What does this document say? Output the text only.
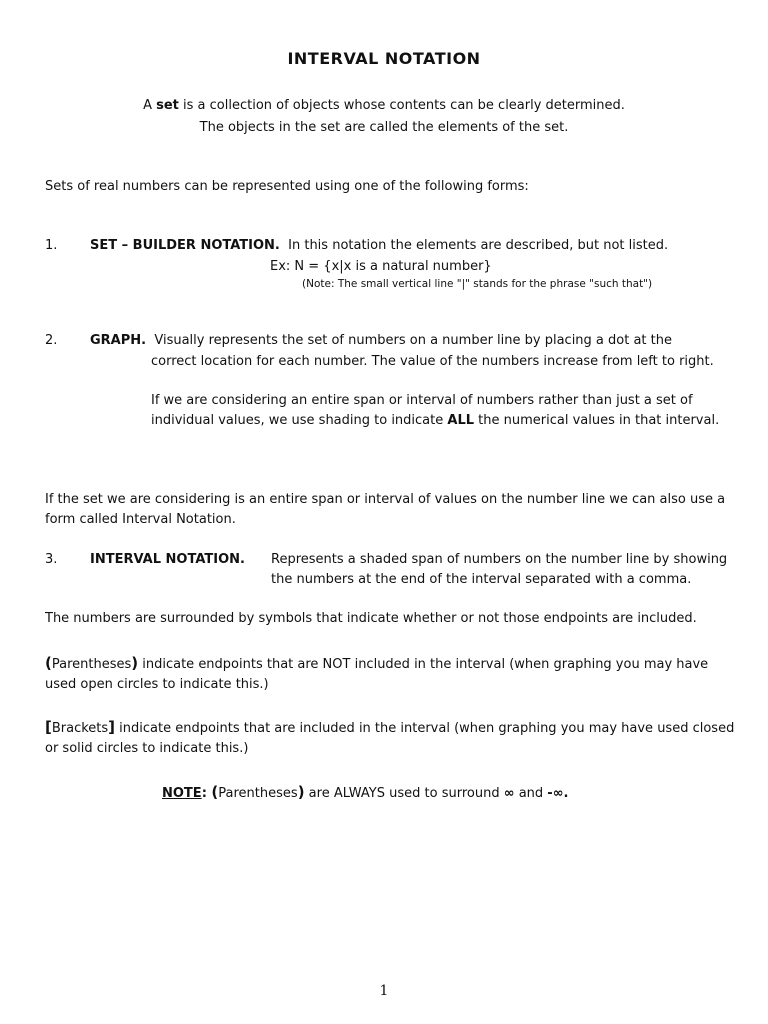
INTERVAL NOTATION
A set is a collection of objects whose contents can be clearly determined.
The objects in the set are called the elements of the set.
Sets of real numbers can be represented using one of the following forms:
1.	SET – BUILDER NOTATION. In this notation the elements are described, but not listed.
Ex: N = {x|x is a natural number}
(Note: The small vertical line "|" stands for the phrase "such that")
2.	GRAPH. Visually represents the set of numbers on a number line by placing a dot at the
correct location for each number. The value of the numbers increase from left to right.
If we are considering an entire span or interval of numbers rather than just a set of
individual values, we use shading to indicate ALL the numerical values in that interval.
If the set we are considering is an entire span or interval of values on the number line we can also use a
form called Interval Notation.
3.	INTERVAL NOTATION. Represents a shaded span of numbers on the number line by showing
the numbers at the end of the interval separated with a comma.
The numbers are surrounded by symbols that indicate whether or not those endpoints are included.
(Parentheses) indicate endpoints that are NOT included in the interval (when graphing you may have
used open circles to indicate this.)
[Brackets] indicate endpoints that are included in the interval (when graphing you may have used closed
or solid circles to indicate this.)
NOTE: (Parentheses) are ALWAYS used to surround ∞ and -∞.
1
